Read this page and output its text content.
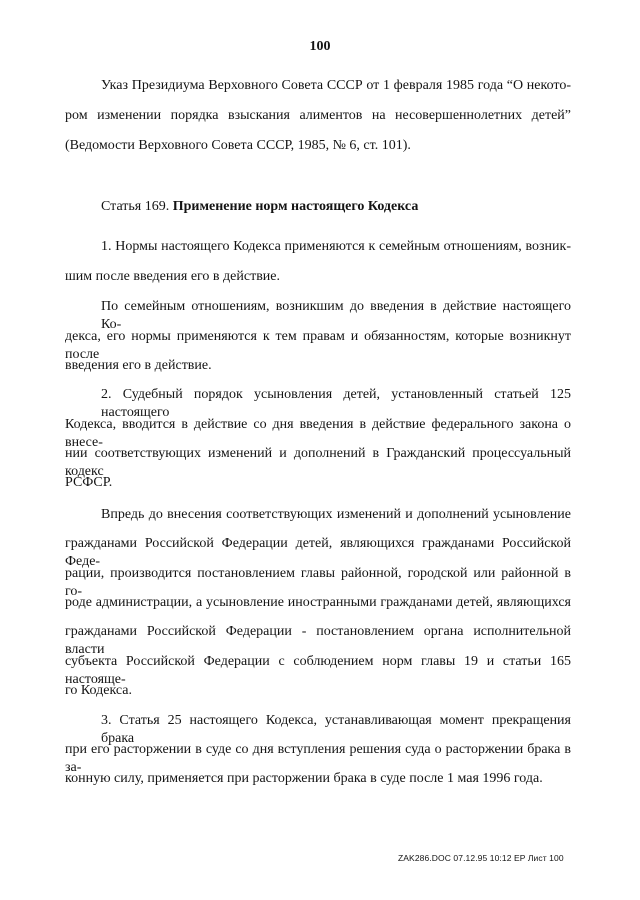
100
Указ Президиума Верховного Совета СССР от 1 февраля 1985 года “О некото-
ром изменении порядка взыскания алиментов на несовершеннолетних детей”
(Ведомости Верховного Совета СССР, 1985, № 6, ст. 101).
Статья 169. Применение норм настоящего Кодекса
1. Нормы настоящего Кодекса применяются к семейным отношениям, возник-
шим после введения его в действие.
По семейным отношениям, возникшим до введения в действие настоящего Ко-
декса, его нормы применяются к тем правам и обязанностям, которые возникнут после
введения его в действие.
2. Судебный порядок усыновления детей, установленный статьей 125 настоящего
Кодекса, вводится в действие со дня введения в действие федерального закона о внесе-
нии соответствующих изменений и дополнений в Гражданский процессуальный кодекс
РСФСР.
Впредь до внесения соответствующих изменений и дополнений усыновление
гражданами Российской Федерации детей, являющихся гражданами Российской Феде-
рации, производится постановлением главы районной, городской или районной в го-
роде администрации, а усыновление иностранными гражданами детей, являющихся
гражданами Российской Федерации - постановлением органа исполнительной власти
субъекта Российской Федерации с соблюдением норм главы 19 и статьи 165 настояще-
го Кодекса.
3. Статья 25 настоящего Кодекса, устанавливающая момент прекращения брака
при его расторжении в суде со дня вступления решения суда о расторжении брака в за-
конную силу, применяется при расторжении брака в суде после 1 мая 1996 года.
ZAK286.DOC 07.12.95 10:12 EP Лист 100
